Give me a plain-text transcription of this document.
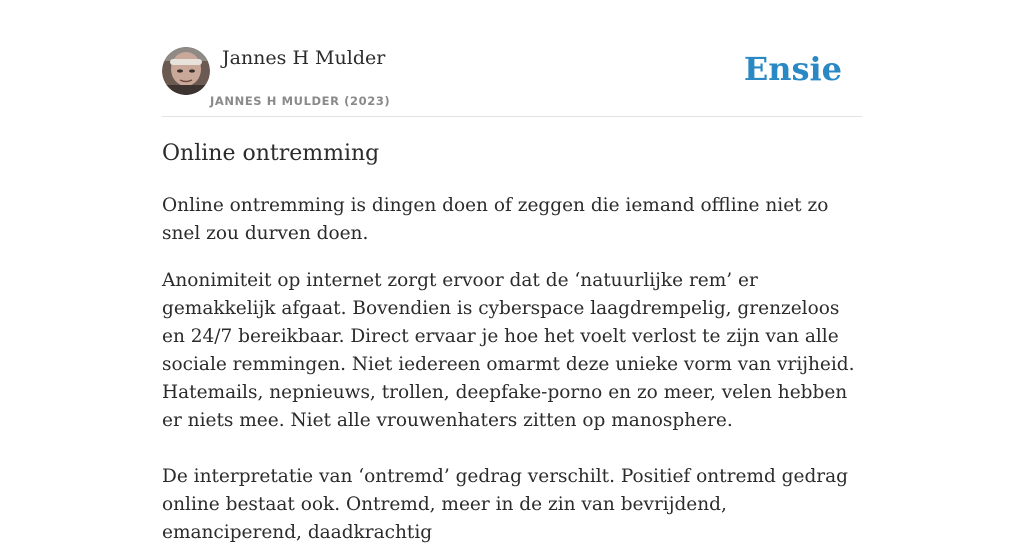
Jannes H Mulder
JANNES H MULDER (2023)
Ensie
Online ontremming

Online ontremming is dingen doen of zeggen die iemand offline niet zo snel zou durven doen.

Anonimiteit op internet zorgt ervoor dat de ‘natuurlijke rem’ er gemakkelijk afgaat. Bovendien is cyberspace laagdrempelig, grenzeloos en 24/7 bereikbaar. Direct ervaar je hoe het voelt verlost te zijn van alle sociale remmingen. Niet iedereen omarmt deze unieke vorm van vrijheid. Hatemails, nepnieuws, trollen, deepfake-porno en zo meer, velen hebben er niets mee. Niet alle vrouwenhaters zitten op manosphere.

De interpretatie van ‘ontremd’ gedrag verschilt. Positief ontremd gedrag online bestaat ook. Ontremd, meer in de zin van bevrijdend, emanciperend, daadkrachtig
